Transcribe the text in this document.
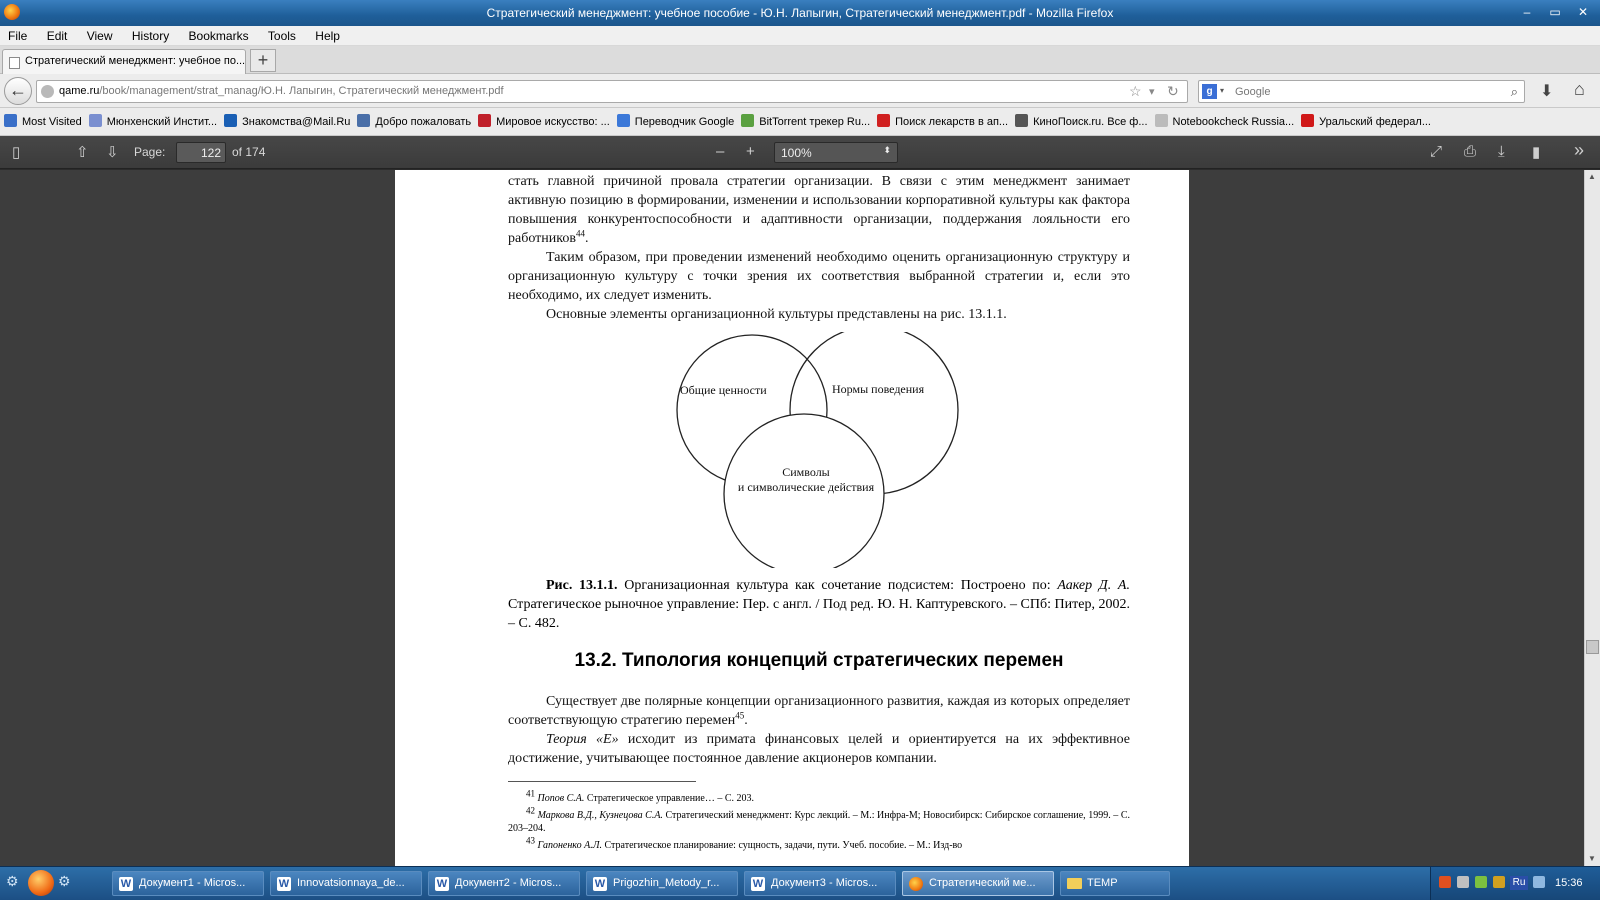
Стратегический менеджмент: учебное пособие - Ю.Н. Лапыгин, Стратегический менеджмент.pdf - Mozilla Firefox	–	▭	✕
File Edit View History Bookmarks Tools Help
Стратегический менеджмент: учебное по... +
←	qame.ru/book/management/strat_manag/Ю.Н. Лапыгин, Стратегический менеджмент.pdf	☆ ▾ ↻	g ▾ Google	⌕ ⬇ ⌂
Most Visited Мюнхенский Инстит... Знакомства@Mail.Ru Добро пожаловать Мировое искусство: ... Переводчик Google BitTorrent трекер Ru... Поиск лекарств в ап... КиноПоиск.ru. Все ф... Notebookcheck Russia... Уральский федерал...
▯	⇧ ⇩ Page:	122 of 174	– +	100%	⬍	⤢ ⎙ ⤓ ▮ »

стать главной причиной провала стратегии организации. В связи с этим менеджмент занимает активную позицию в формировании, изменении и использовании корпоративной культуры как фактора повышения конкурентоспособности и адаптивности организации, поддержания лояльности его работников$^{44}$.

Таким образом, при проведении изменений необходимо оценить организационную структуру и организационную культуру с точки зрения их соответствия выбранной стратегии и, если это необходимо, их следует изменить.

Основные элементы организационной культуры представлены на рис. 13.1.1.

Общие ценности	Нормы поведения
Символы
и символические действия
Рис. 13.1.1. Организационная культура как сочетание подсистем: Построено по: Аакер Д. А. Стратегическое рыночное управление: Пер. с англ. / Под ред. Ю. Н. Каптуревского. – СПб: Питер, 2002. – С. 482.
13.2. Типология концепций стратегических перемен

Существует две полярные концепции организационного развития, каждая из которых определяет соответствующую стратегию перемен$^{45}$.

Теория «Е» исходит из примата финансовых целей и ориентируется на их эффективное достижение, учитывающее постоянное давление акционеров компании.

$^{41}$ Попов С.А. Стратегическое управление… – С. 203.
$^{42}$ Маркова В.Д., Кузнецова С.А. Стратегический менеджмент: Курс лекций. – М.: Инфра-М; Новосибирск: Сибирское соглашение, 1999. – С. 203–204.
$^{43}$ Гапоненко А.Л. Стратегическое планирование: сущность, задачи, пути. Учеб. пособие. – М.: Изд-во
▲
▼
⚙	⚙	Ru	15:36
W Документ1 - Micros...	W Innovatsionnaya_de...	W Документ2 - Micros...	W Prigozhin_Metody_r...	W Документ3 - Micros...	Стратегический ме...	TEMP
